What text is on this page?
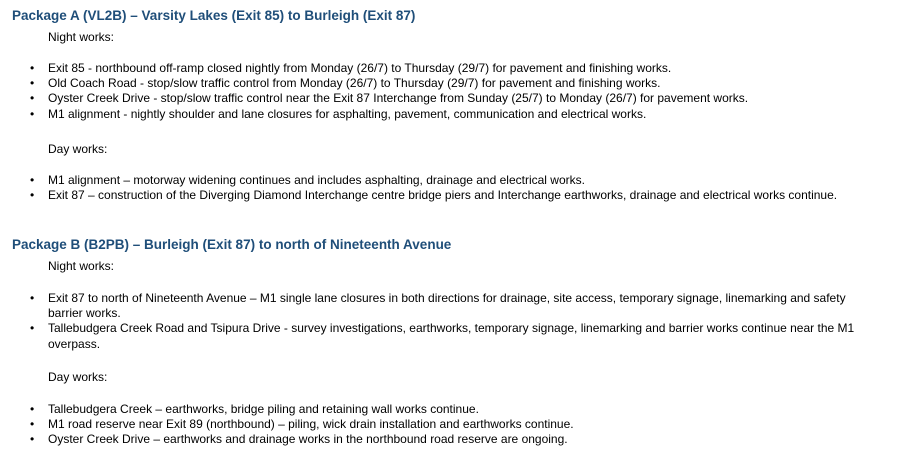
Package A (VL2B) – Varsity Lakes (Exit 85) to Burleigh (Exit 87)

Night works:

• Exit 85 - northbound off-ramp closed nightly from Monday (26/7) to Thursday (29/7) for pavement and finishing works.
• Old Coach Road - stop/slow traffic control from Monday (26/7) to Thursday (29/7) for pavement and finishing works.
• Oyster Creek Drive - stop/slow traffic control near the Exit 87 Interchange from Sunday (25/7) to Monday (26/7) for pavement works.
• M1 alignment - nightly shoulder and lane closures for asphalting, pavement, communication and electrical works.

Day works:

• M1 alignment – motorway widening continues and includes asphalting, drainage and electrical works.
• Exit 87 – construction of the Diverging Diamond Interchange centre bridge piers and Interchange earthworks, drainage and electrical works continue.
Package B (B2PB) – Burleigh (Exit 87) to north of Nineteenth Avenue

Night works:

• Exit 87 to north of Nineteenth Avenue – M1 single lane closures in both directions for drainage, site access, temporary signage, linemarking and safety barrier works.
• Tallebudgera Creek Road and Tsipura Drive - survey investigations, earthworks, temporary signage, linemarking and barrier works continue near the M1 overpass.

Day works:

• Tallebudgera Creek – earthworks, bridge piling and retaining wall works continue.
• M1 road reserve near Exit 89 (northbound) – piling, wick drain installation and earthworks continue.
• Oyster Creek Drive – earthworks and drainage works in the northbound road reserve are ongoing.
